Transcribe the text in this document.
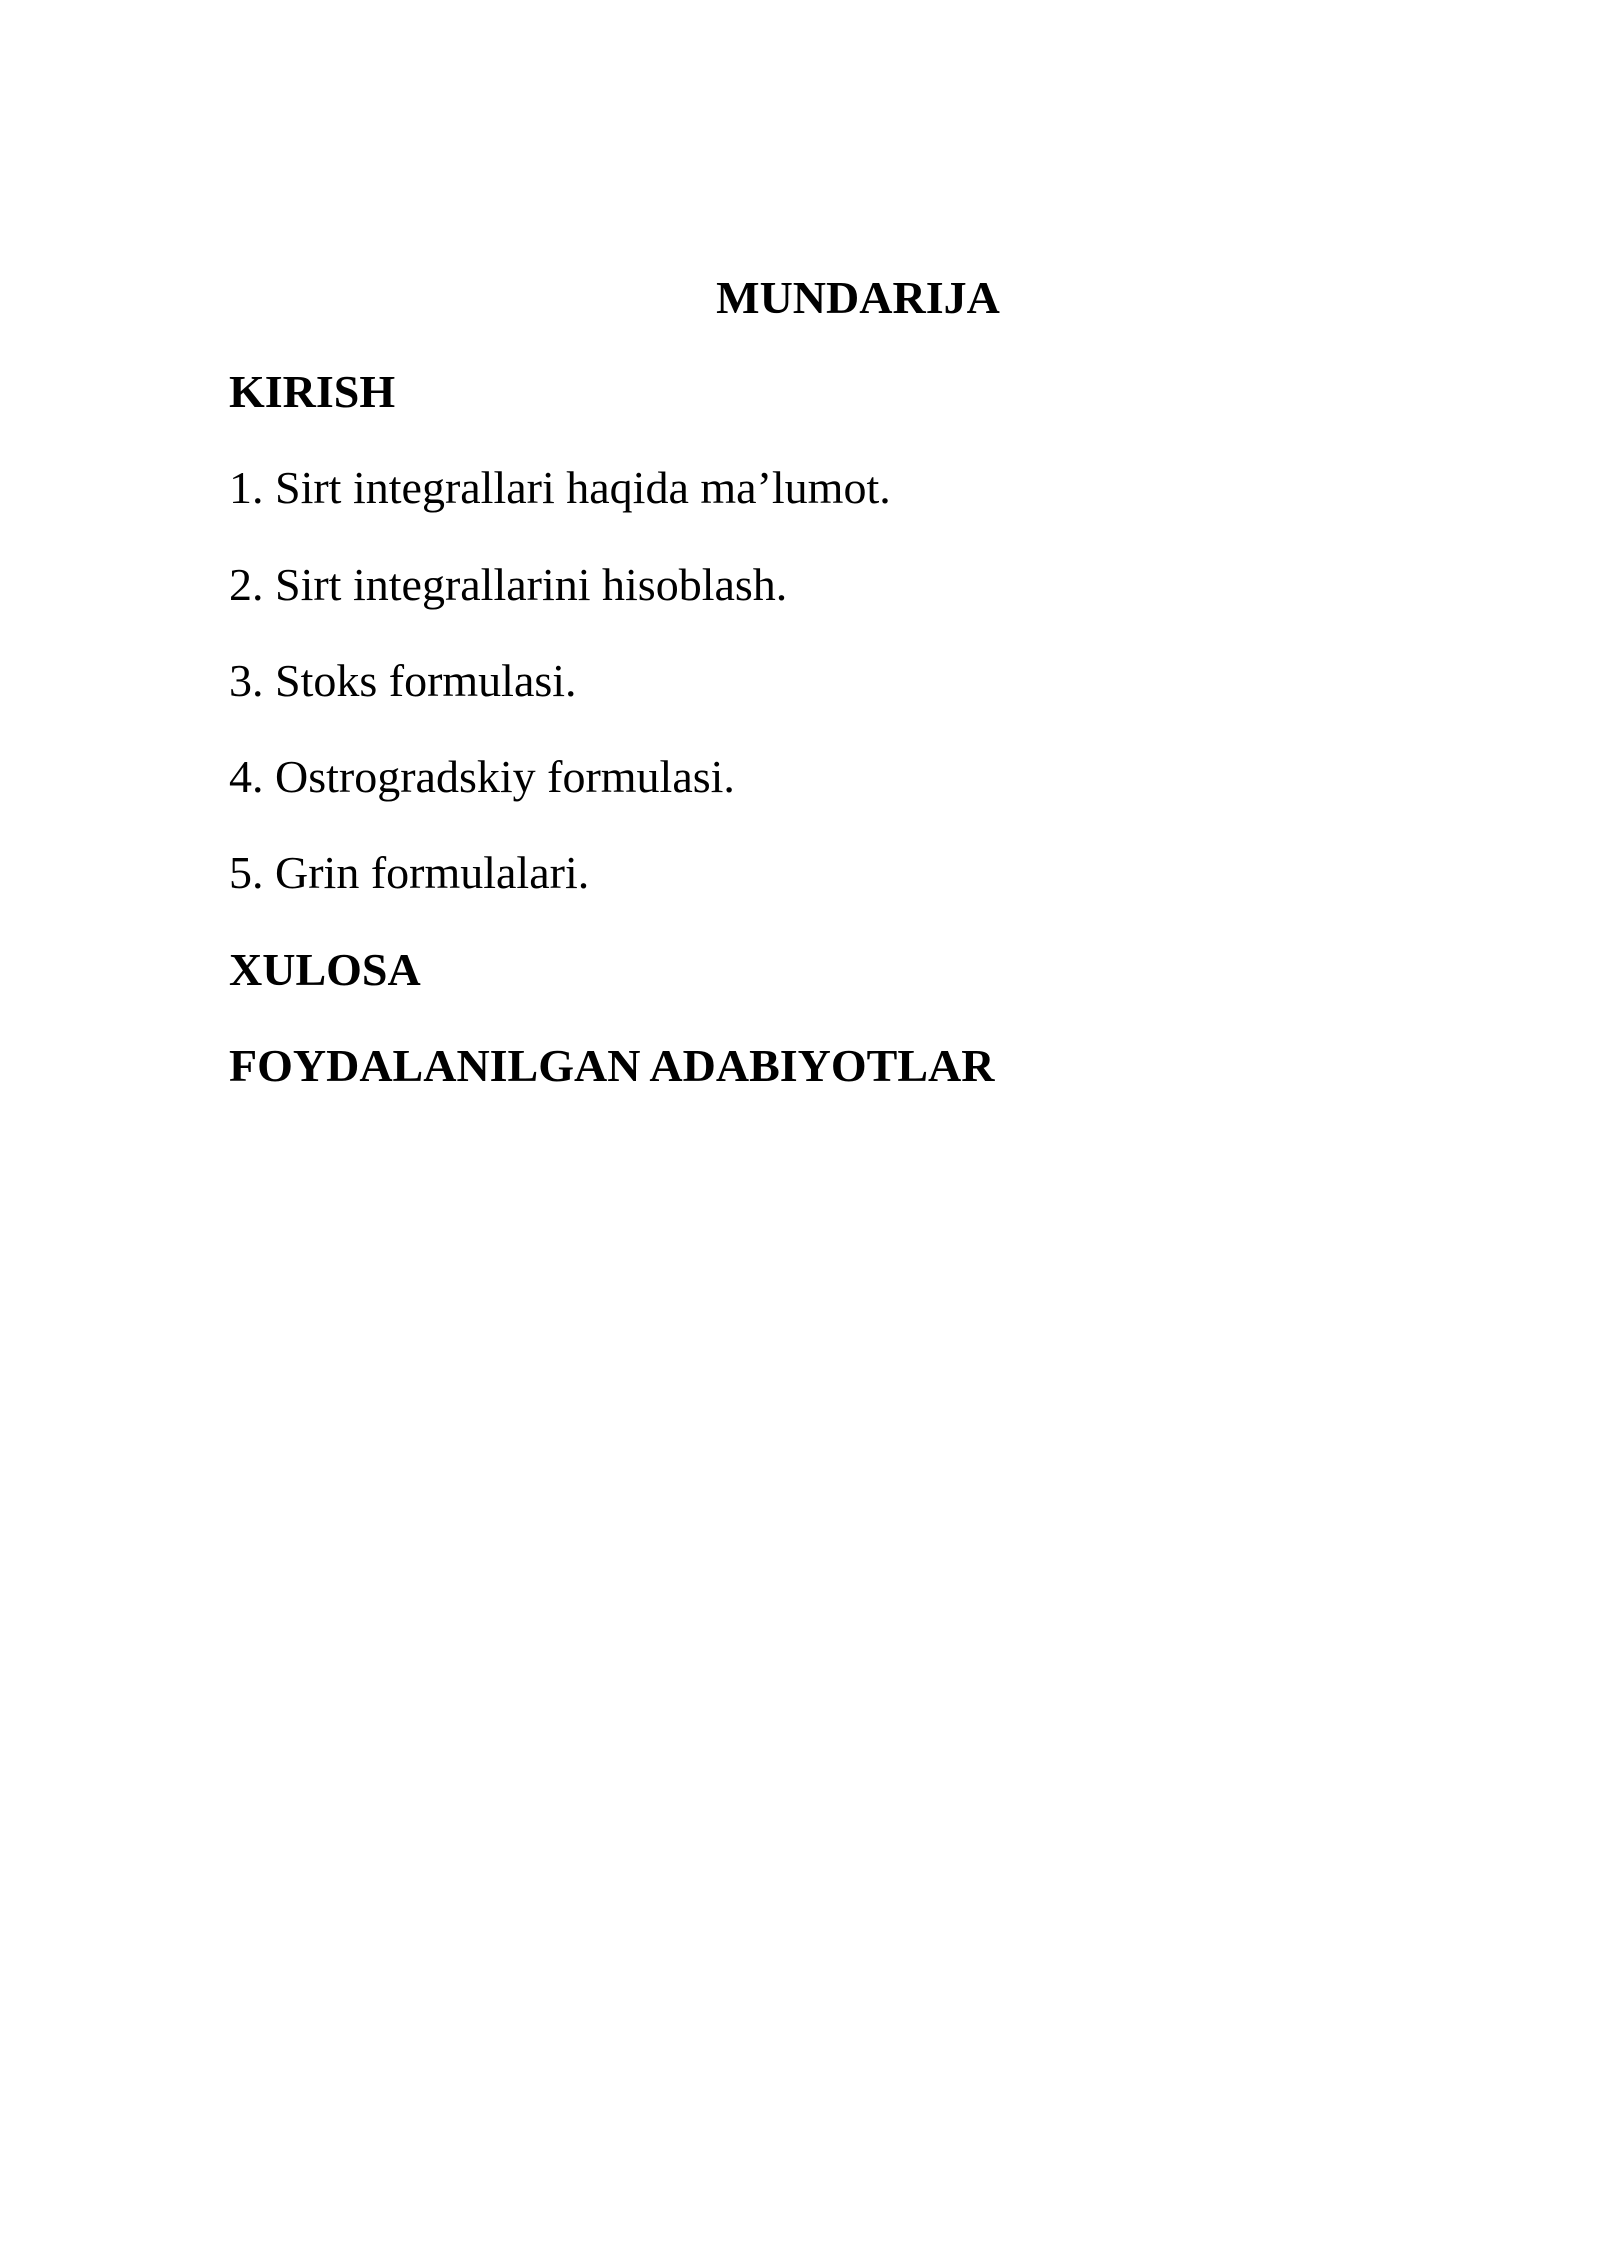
MUNDARIJA
KIRISH
1. Sirt integrallari haqida ma’lumot.
2. Sirt integrallarini hisoblash.
3. Stoks formulasi.
4. Ostrogradskiy formulasi.
5. Grin formulalari.
XULOSA
FOYDALANILGAN ADABIYOTLAR
